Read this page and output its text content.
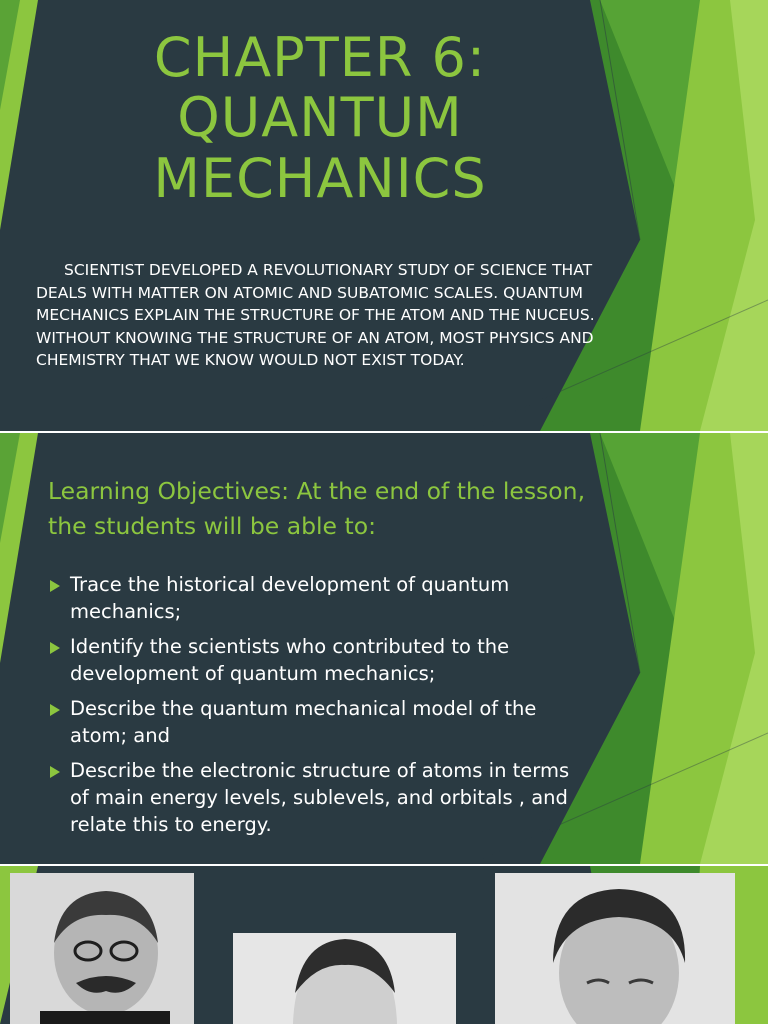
CHAPTER 6:
QUANTUM
MECHANICS

SCIENTIST DEVELOPED A REVOLUTIONARY STUDY OF SCIENCE THAT DEALS WITH MATTER ON ATOMIC AND SUBATOMIC SCALES. QUANTUM MECHANICS EXPLAIN THE STRUCTURE OF THE ATOM AND THE NUCEUS. WITHOUT KNOWING THE STRUCTURE OF AN ATOM, MOST PHYSICS AND CHEMISTRY THAT WE KNOW WOULD NOT EXIST TODAY.

Learning Objectives: At the end of the lesson, the students will be able to:
Trace the historical development of quantum mechanics;
Identify the scientists who contributed to the development of quantum mechanics;
Describe the quantum mechanical model of the atom; and
Describe the electronic structure of atoms in terms of main energy levels, sublevels, and orbitals , and relate this to energy.
